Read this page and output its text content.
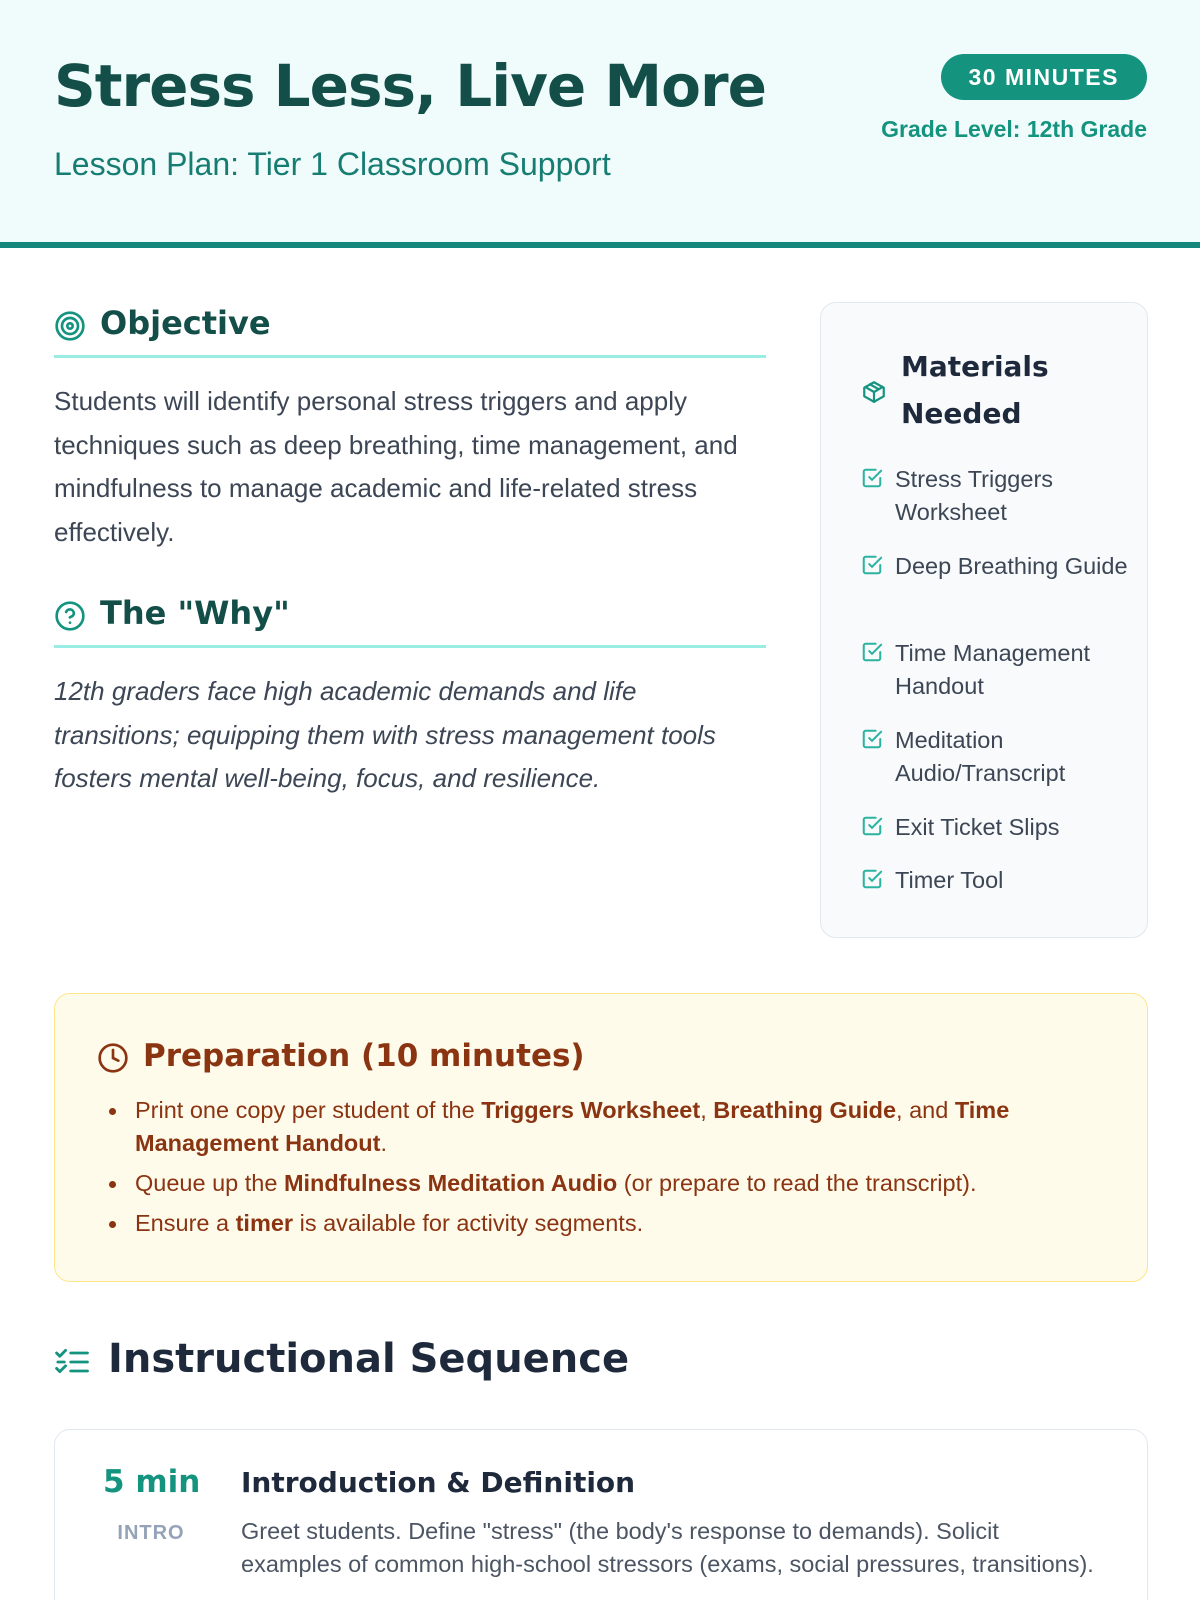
Stress Less, Live More
Lesson Plan: Tier 1 Classroom Support
30 MINUTES
Grade Level: 12th Grade
Objective
Students will identify personal stress triggers and apply techniques such as deep breathing, time management, and mindfulness to manage academic and life-related stress effectively.
The "Why"
12th graders face high academic demands and life transitions; equipping them with stress management tools fosters mental well-being, focus, and resilience.
Materials Needed
Stress Triggers Worksheet
Deep Breathing Guide
Time Management Handout
Meditation Audio/Transcript
Exit Ticket Slips
Timer Tool
Preparation (10 minutes)
Print one copy per student of the Triggers Worksheet, Breathing Guide, and Time Management Handout.
Queue up the Mindfulness Meditation Audio (or prepare to read the transcript).
Ensure a timer is available for activity segments.
Instructional Sequence
5 min
INTRO
Introduction & Definition
Greet students. Define "stress" (the body's response to demands). Solicit examples of common high-school stressors (exams, social pressures, transitions).
